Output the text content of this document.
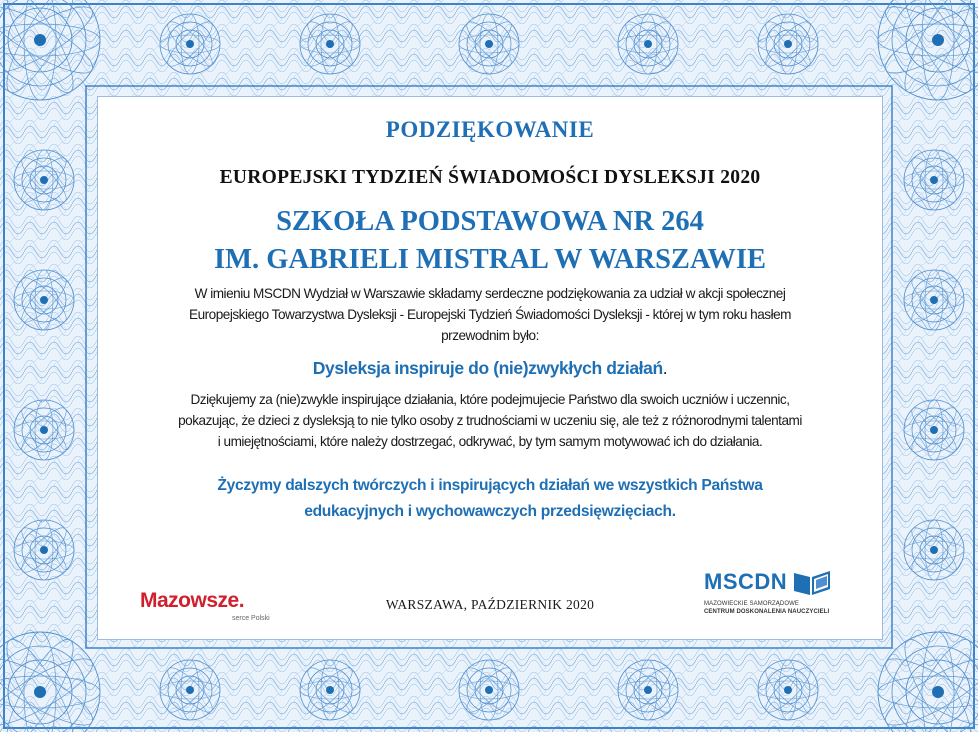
PODZIĘKOWANIE
EUROPEJSKI TYDZIEŃ ŚWIADOMOŚCI DYSLEKSJI 2020
SZKOŁA PODSTAWOWA NR 264
IM. GABRIELI MISTRAL W WARSZAWIE
W imieniu MSCDN Wydział w Warszawie składamy serdeczne podziękowania za udział w akcji społecznej
Europejskiego Towarzystwa Dysleksji - Europejski Tydzień Świadomości Dysleksji - której w tym roku hasłem
przewodnim było:
Dysleksja inspiruje do (nie)zwykłych działań.
Dziękujemy za (nie)zwykle inspirujące działania, które podejmujecie Państwo dla swoich uczniów i uczennic,
pokazując, że dzieci z dysleksją to nie tylko osoby z trudnościami w uczeniu się, ale też z różnorodnymi talentami
i umiejętnościami, które należy dostrzegać, odkrywać, by tym samym motywować ich do działania.
Życzymy dalszych twórczych i inspirujących działań we wszystkich Państwa
edukacyjnych i wychowawczych przedsięwzięciach.
Mazowsze.
serce Polski
WARSZAWA, PAŹDZIERNIK 2020
MSCDN
MAZOWIECKIE SAMORZĄDOWE
CENTRUM DOSKONALENIA NAUCZYCIELI
